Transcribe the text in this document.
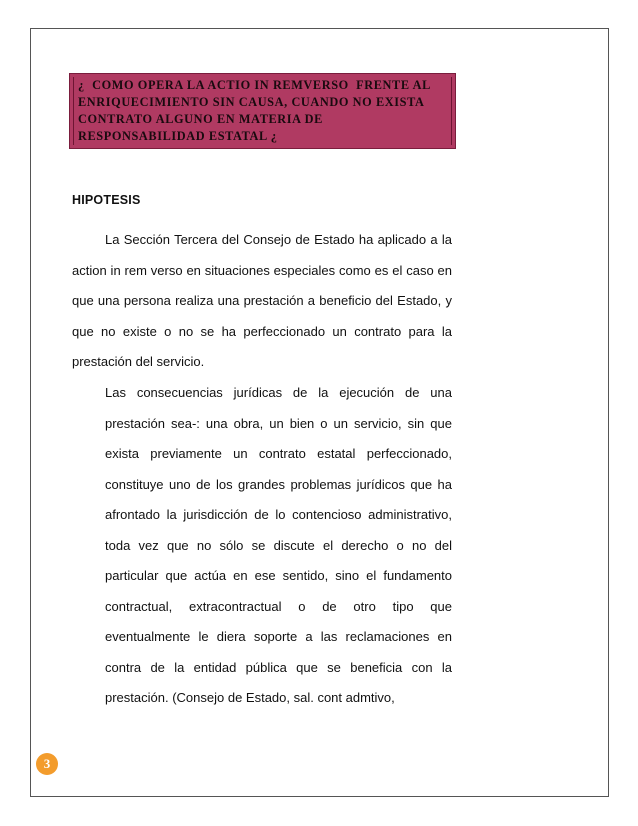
¿  COMO OPERA LA ACTIO IN REMVERSO  FRENTE AL
ENRIQUECIMIENTO SIN CAUSA, CUANDO NO EXISTA
CONTRATO ALGUNO EN MATERIA DE
RESPONSABILIDAD ESTATAL ¿
HIPOTESIS
La Sección Tercera del Consejo de Estado ha aplicado a la action in rem verso en situaciones especiales como es el caso en que una persona realiza una prestación a beneficio del Estado, y que no existe o no se ha perfeccionado un contrato para la prestación del servicio.
Las consecuencias jurídicas de la ejecución de una prestación sea-: una obra, un bien o un servicio, sin que exista previamente un contrato estatal perfeccionado, constituye uno de los grandes problemas jurídicos que ha afrontado la jurisdicción de lo contencioso administrativo, toda vez que no sólo se discute el derecho o no del particular que actúa en ese sentido, sino el fundamento contractual, extracontractual o de otro tipo que eventualmente le diera soporte a las reclamaciones en contra de la entidad pública que se beneficia con la prestación. (Consejo de Estado, sal. cont admtivo,
3
